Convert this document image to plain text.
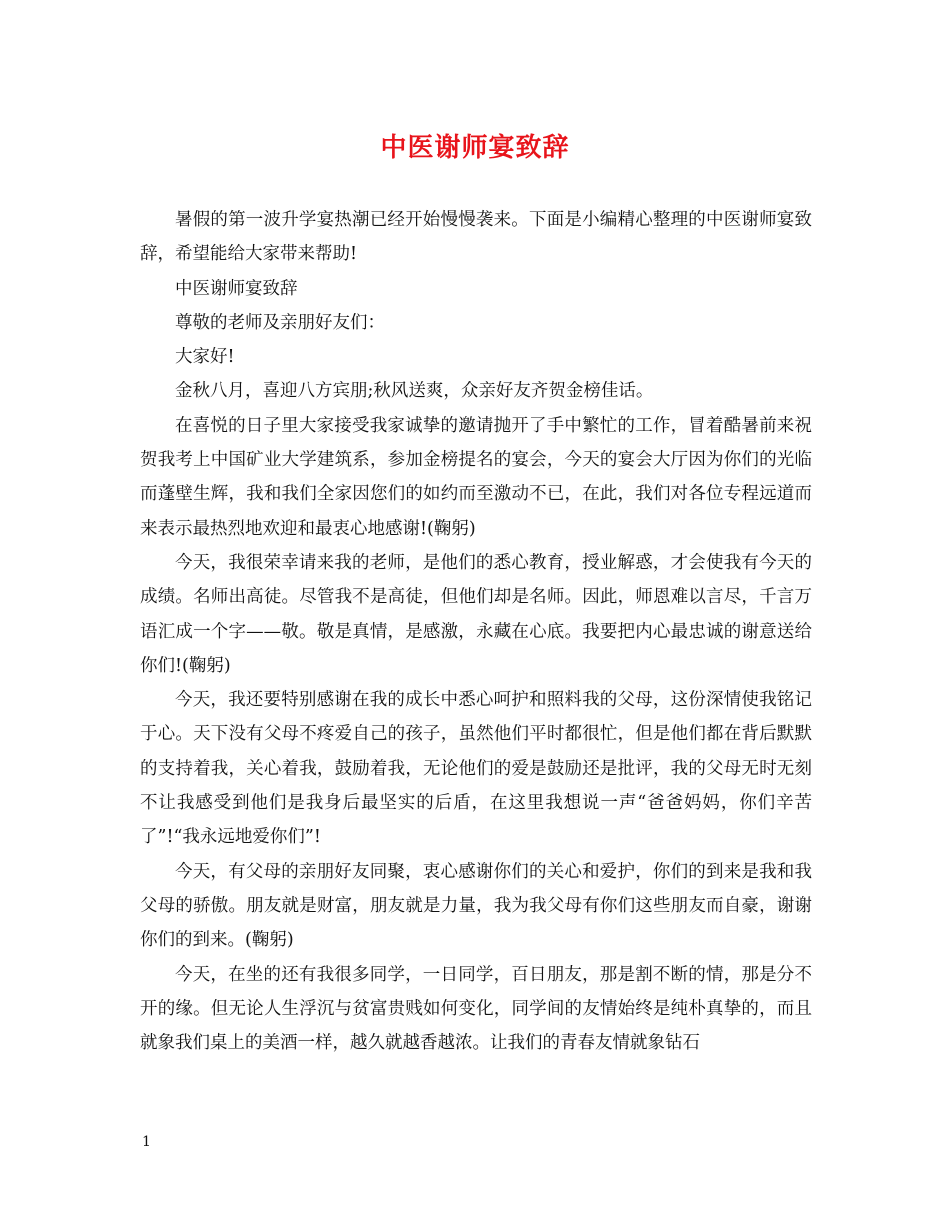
中医谢师宴致辞

暑假的第一波升学宴热潮已经开始慢慢袭来。下面是小编精心整理的中医谢师宴致辞，希望能给大家带来帮助!

中医谢师宴致辞

尊敬的老师及亲朋好友们：

大家好!

金秋八月，喜迎八方宾朋;秋风送爽，众亲好友齐贺金榜佳话。

在喜悦的日子里大家接受我家诚挚的邀请抛开了手中繁忙的工作，冒着酷暑前来祝贺我考上中国矿业大学建筑系，参加金榜提名的宴会，今天的宴会大厅因为你们的光临而蓬壁生辉，我和我们全家因您们的如约而至激动不已，在此，我们对各位专程远道而来表示最热烈地欢迎和最衷心地感谢!(鞠躬)

今天，我很荣幸请来我的老师，是他们的悉心教育，授业解惑，才会使我有今天的成绩。名师出高徒。尽管我不是高徒，但他们却是名师。因此，师恩难以言尽，千言万语汇成一个字——敬。敬是真情，是感激，永藏在心底。我要把内心最忠诚的谢意送给你们!(鞠躬)

今天，我还要特别感谢在我的成长中悉心呵护和照料我的父母，这份深情使我铭记于心。天下没有父母不疼爱自己的孩子，虽然他们平时都很忙，但是他们都在背后默默的支持着我，关心着我，鼓励着我，无论他们的爱是鼓励还是批评，我的父母无时无刻不让我感受到他们是我身后最坚实的后盾，在这里我想说一声“爸爸妈妈，你们辛苦了”!“我永远地爱你们”!

今天，有父母的亲朋好友同聚，衷心感谢你们的关心和爱护，你们的到来是我和我父母的骄傲。朋友就是财富，朋友就是力量，我为我父母有你们这些朋友而自豪，谢谢你们的到来。(鞠躬)

今天，在坐的还有我很多同学，一日同学，百日朋友，那是割不断的情，那是分不开的缘。但无论人生浮沉与贫富贵贱如何变化，同学间的友情始终是纯朴真挚的，而且就象我们桌上的美酒一样，越久就越香越浓。让我们的青春友情就象钻石

1
